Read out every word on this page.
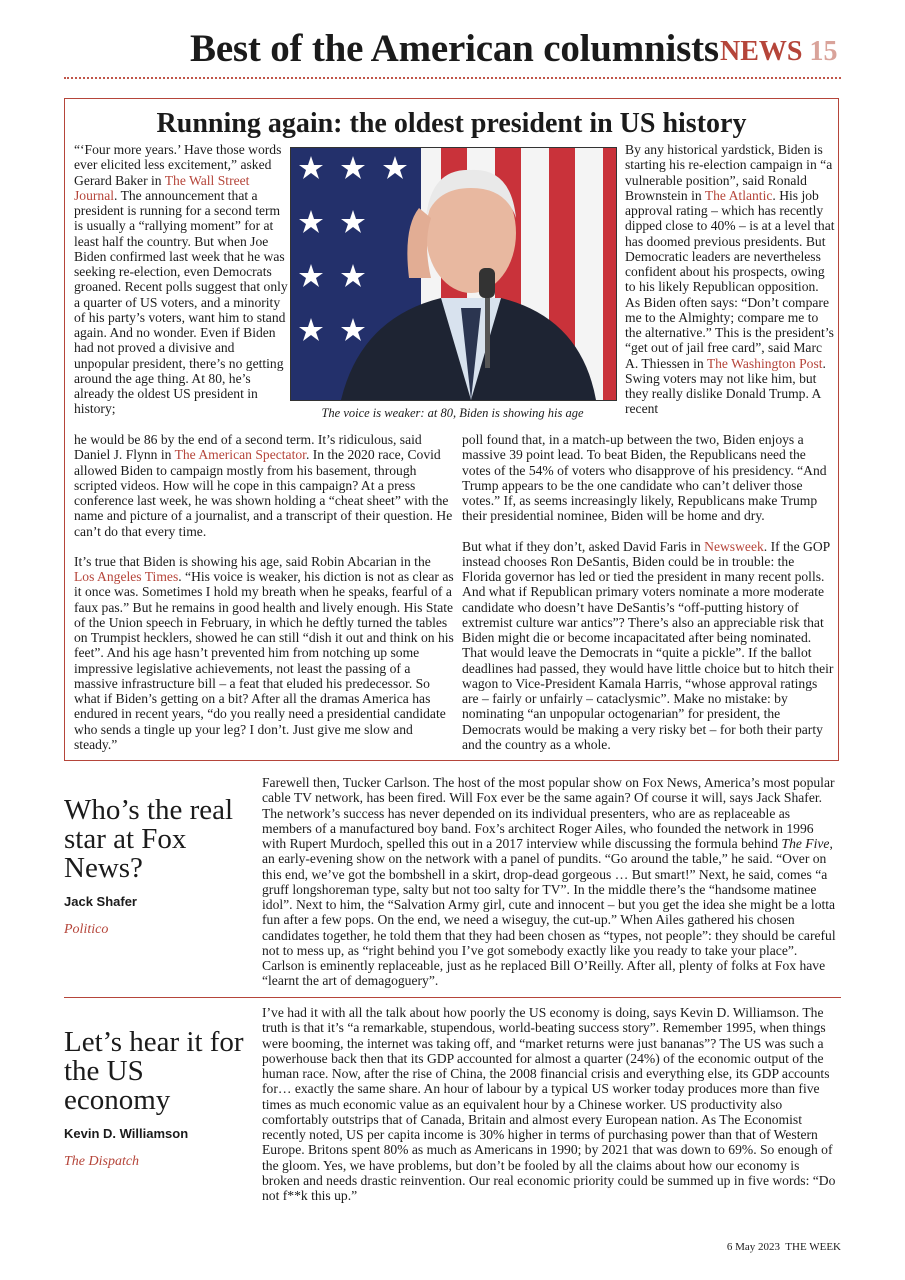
Best of the American columnists NEWS 15
Running again: the oldest president in US history
“‘Four more years.’ Have those words ever elicited less excitement,” asked Gerard Baker in The Wall Street Journal. The announcement that a president is running for a second term is usually a “rallying moment” for at least half the country. But when Joe Biden confirmed last week that he was seeking re-election, even Democrats groaned. Recent polls suggest that only a quarter of US voters, and a minority of his party’s voters, want him to stand again. And no wonder. Even if Biden had not proved a divisive and unpopular president, there’s no getting around the age thing. At 80, he’s already the oldest US president in history;	The voice is weaker: at 80, Biden is showing his age

he would be 86 by the end of a second term. It’s ridiculous, said Daniel J. Flynn in The American Spectator. In the 2020 race, Covid allowed Biden to campaign mostly from his basement, through scripted videos. How will he cope in this campaign? At a press conference last week, he was shown holding a “cheat sheet” with the name and picture of a journalist, and a transcript of their question. He can’t do that every time.

It’s true that Biden is showing his age, said Robin Abcarian in the Los Angeles Times. “His voice is weaker, his diction is not as clear as it once was. Sometimes I hold my breath when he speaks, fearful of a faux pas.” But he remains in good health and lively enough. His State of the Union speech in February, in which he deftly turned the tables on Trumpist hecklers, showed he can still “dish it out and think on his feet”. And his age hasn’t prevented him from notching up some impressive legislative achievements, not least the passing of a massive infrastructure bill – a feat that eluded his predecessor. So what if Biden’s getting on a bit? After all the dramas America has endured in recent years, “do you really need a presidential candidate who sends a tingle up your leg? I don’t. Just give me slow and steady.”

By any historical yardstick, Biden is starting his re-election campaign in “a vulnerable position”, said Ronald Brownstein in The Atlantic. His job approval rating – which has recently dipped close to 40% – is at a level that has doomed previous presidents. But Democratic leaders are nevertheless confident about his prospects, owing to his likely Republican opposition. As Biden often says: “Don’t compare me to the Almighty; compare me to the alternative.” This is the president’s “get out of jail free card”, said Marc A. Thiessen in The Washington Post. Swing voters may not like him, but they really dislike Donald Trump. A recent

poll found that, in a match-up between the two, Biden enjoys a massive 39 point lead. To beat Biden, the Republicans need the votes of the 54% of voters who disapprove of his presidency. “And Trump appears to be the one candidate who can’t deliver those votes.” If, as seems increasingly likely, Republicans make Trump their presidential nominee, Biden will be home and dry.

But what if they don’t, asked David Faris in Newsweek. If the GOP instead chooses Ron DeSantis, Biden could be in trouble: the Florida governor has led or tied the president in many recent polls. And what if Republican primary voters nominate a more moderate candidate who doesn’t have DeSantis’s “off-putting history of extremist culture war antics”? There’s also an appreciable risk that Biden might die or become incapacitated after being nominated. That would leave the Democrats in “quite a pickle”. If the ballot deadlines had passed, they would have little choice but to hitch their wagon to Vice-President Kamala Harris, “whose approval ratings are – fairly or unfairly – cataclysmic”. Make no mistake: by nominating “an unpopular octogenarian” for president, the Democrats would be making a very risky bet – for both their party and the country as a whole.

Who’s the real star at Fox News?
Jack Shafer
Politico
Farewell then, Tucker Carlson. The host of the most popular show on Fox News, America’s most popular cable TV network, has been fired. Will Fox ever be the same again? Of course it will, says Jack Shafer. The network’s success has never depended on its individual presenters, who are as replaceable as members of a manufactured boy band. Fox’s architect Roger Ailes, who founded the network in 1996 with Rupert Murdoch, spelled this out in a 2017 interview while discussing the formula behind The Five, an early-evening show on the network with a panel of pundits. “Go around the table,” he said. “Over on this end, we’ve got the bombshell in a skirt, drop-dead gorgeous … But smart!” Next, he said, comes “a gruff longshoreman type, salty but not too salty for TV”. In the middle there’s the “handsome matinee idol”. Next to him, the “Salvation Army girl, cute and innocent – but you get the idea she might be a lotta fun after a few pops. On the end, we need a wiseguy, the cut-up.” When Ailes gathered his chosen candidates together, he told them that they had been chosen as “types, not people”: they should be careful not to mess up, as “right behind you I’ve got somebody exactly like you ready to take your place”. Carlson is eminently replaceable, just as he replaced Bill O’Reilly. After all, plenty of folks at Fox have “learnt the art of demagoguery”.
Let’s hear it for the US economy
Kevin D. Williamson
The Dispatch
I’ve had it with all the talk about how poorly the US economy is doing, says Kevin D. Williamson. The truth is that it’s “a remarkable, stupendous, world-beating success story”. Remember 1995, when things were booming, the internet was taking off, and “market returns were just bananas”? The US was such a powerhouse back then that its GDP accounted for almost a quarter (24%) of the economic output of the human race. Now, after the rise of China, the 2008 financial crisis and everything else, its GDP accounts for… exactly the same share. An hour of labour by a typical US worker today produces more than five times as much economic value as an equivalent hour by a Chinese worker. US productivity also comfortably outstrips that of Canada, Britain and almost every European nation. As The Economist recently noted, US per capita income is 30% higher in terms of purchasing power than that of Western Europe. Britons spent 80% as much as Americans in 1990; by 2021 that was down to 69%. So enough of the gloom. Yes, we have problems, but don’t be fooled by all the claims about how our economy is broken and needs drastic reinvention. Our real economic priority could be summed up in five words: “Do not f**k this up.”
6 May 2023 THE WEEK
